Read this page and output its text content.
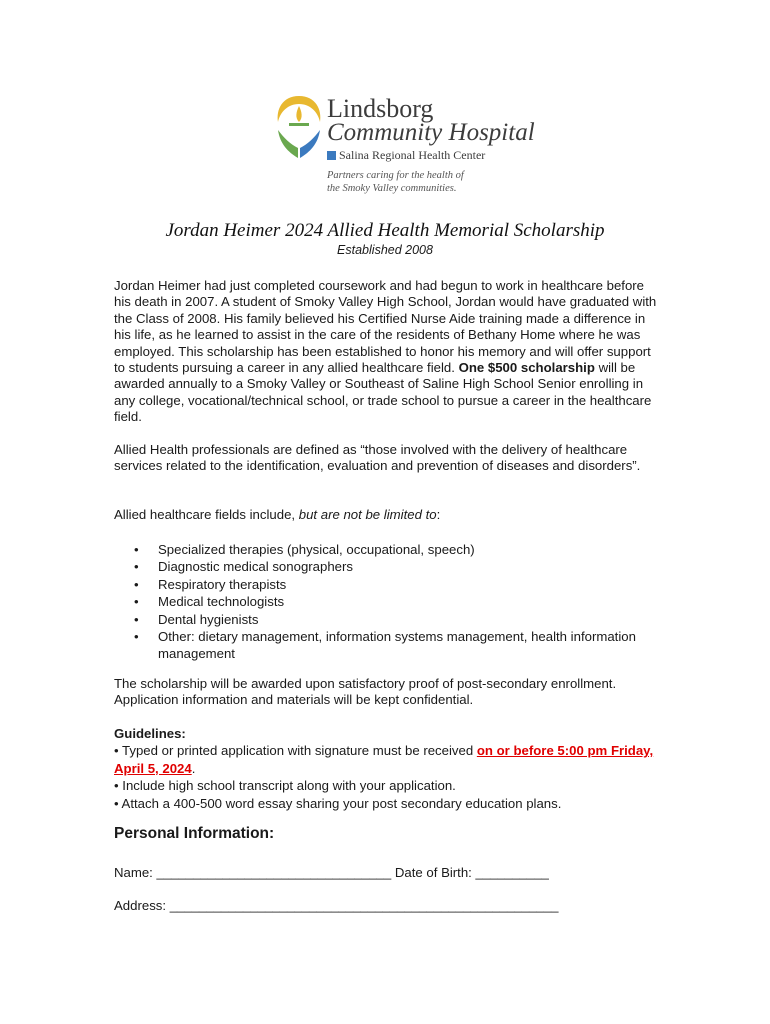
Lindsborg
Community Hospital
Salina Regional Health Center
Partners caring for the health of
the Smoky Valley communities.
Jordan Heimer 2024 Allied Health Memorial Scholarship
Established 2008
Jordan Heimer had just completed coursework and had begun to work in healthcare before his death in 2007. A student of Smoky Valley High School, Jordan would have graduated with the Class of 2008. His family believed his Certified Nurse Aide training made a difference in his life, as he learned to assist in the care of the residents of Bethany Home where he was employed. This scholarship has been established to honor his memory and will offer support to students pursuing a career in any allied healthcare field. One $500 scholarship will be awarded annually to a Smoky Valley or Southeast of Saline High School Senior enrolling in any college, vocational/technical school, or trade school to pursue a career in the healthcare field.
Allied Health professionals are defined as “those involved with the delivery of healthcare services related to the identification, evaluation and prevention of diseases and disorders”.
Allied healthcare fields include, but are not be limited to:
• Specialized therapies (physical, occupational, speech)
• Diagnostic medical sonographers
• Respiratory therapists
• Medical technologists
• Dental hygienists
• Other: dietary management, information systems management, health information management
The scholarship will be awarded upon satisfactory proof of post-secondary enrollment. Application information and materials will be kept confidential.
Guidelines:
• Typed or printed application with signature must be received on or before 5:00 pm Friday, April 5, 2024.
• Include high school transcript along with your application.
• Attach a 400-500 word essay sharing your post secondary education plans.
Personal Information:
Name: ________________________________ Date of Birth: __________
Address: _____________________________________________________
